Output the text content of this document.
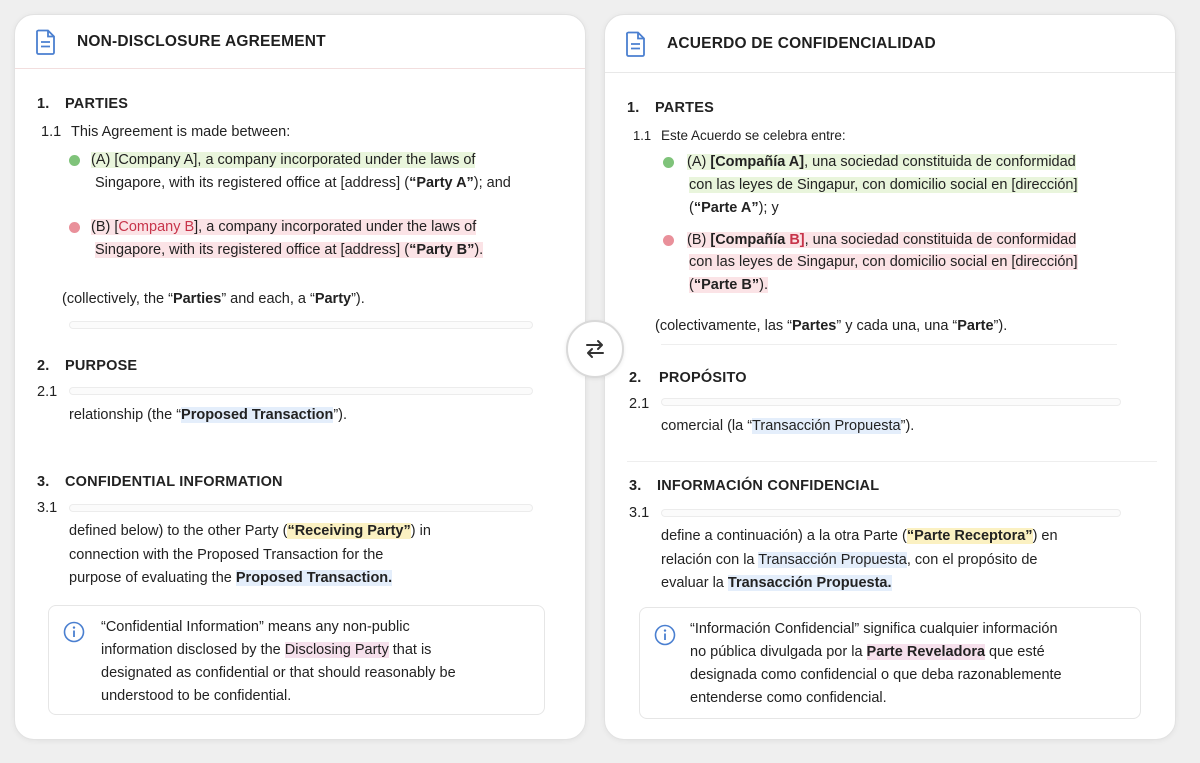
NON-DISCLOSURE AGREEMENT
1. PARTIES
1.1 This Agreement is made between:
(A) [Company A], a company incorporated under the laws of
Singapore, with its registered office at [address] (“Party A”); and
(B) [Company B], a company incorporated under the laws of
Singapore, with its registered office at [address] (“Party B”).
(collectively, the “Parties” and each, a “Party”).
2. PURPOSE
2.1
relationship (the “Proposed Transaction”).
3. CONFIDENTIAL INFORMATION
3.1
defined below) to the other Party (“Receiving Party”) in
connection with the Proposed Transaction for the
purpose of evaluating the Proposed Transaction.
“Confidential Information” means any non-public
information disclosed by the Disclosing Party that is
designated as confidential or that should reasonably be
understood to be confidential.
ACUERDO DE CONFIDENCIALIDAD
1. PARTES
1.1 Este Acuerdo se celebra entre:
(A) [Compañía A], una sociedad constituida de conformidad
con las leyes de Singapur, con domicilio social en [dirección]
(“Parte A”); y
(B) [Compañía B], una sociedad constituida de conformidad
con las leyes de Singapur, con domicilio social en [dirección]
(“Parte B”).
(colectivamente, las “Partes” y cada una, una “Parte”).
2. PROPÓSITO
2.1
comercial (la “Transacción Propuesta”).
3. INFORMACIÓN CONFIDENCIAL
3.1
define a continuación) a la otra Parte (“Parte Receptora”) en
relación con la Transacción Propuesta, con el propósito de
evaluar la Transacción Propuesta.
“Información Confidencial” significa cualquier información
no pública divulgada por la Parte Reveladora que esté
designada como confidencial o que deba razonablemente
entenderse como confidencial.
